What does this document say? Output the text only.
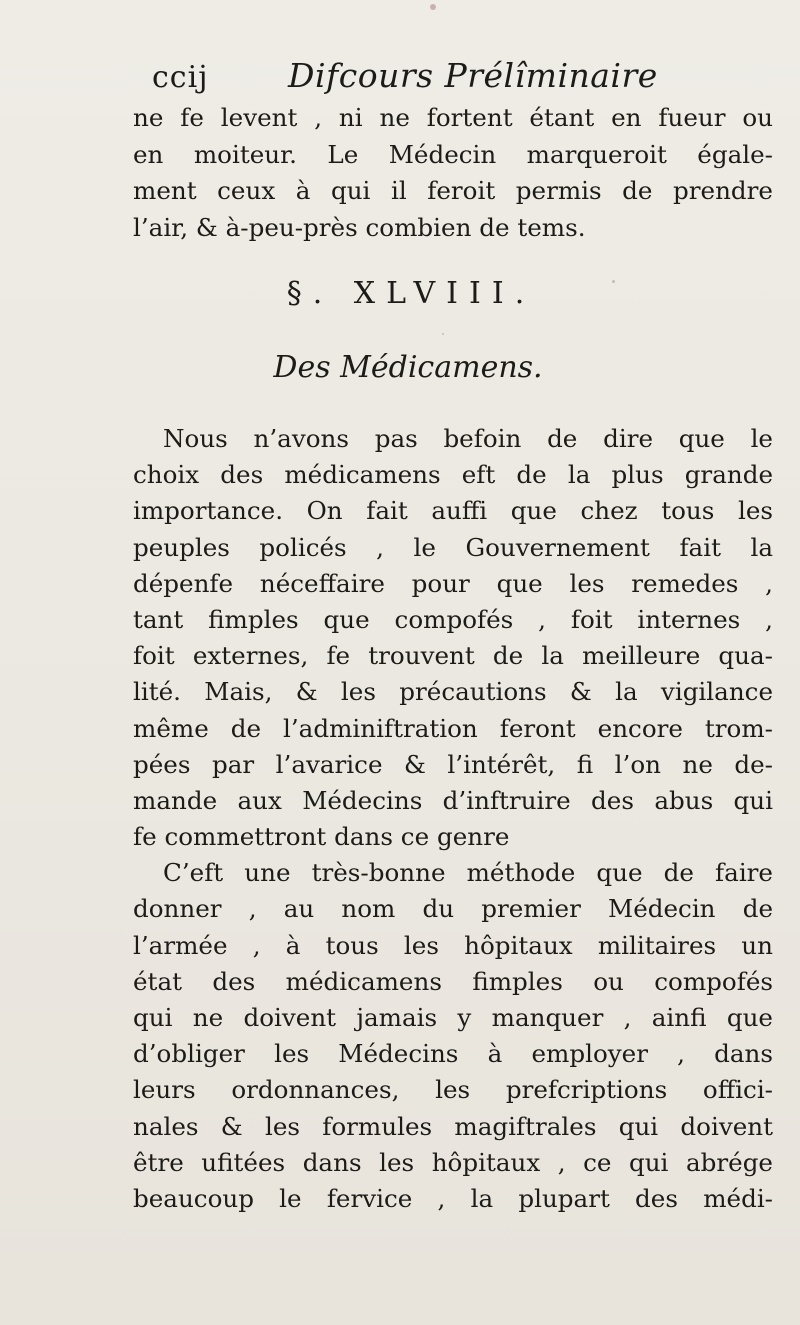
ccij Difcours Prélîminaire
ne fe levent , ni ne fortent étant en fueur ou
en moiteur. Le Médecin marqueroit égale-
ment ceux à qui il feroit permis de prendre
l’air, & à-peu-près combien de tems.
§. XLVIII.
Des Médicamens.
Nous n’avons pas befoin de dire que le
choix des médicamens eft de la plus grande
importance. On fait auffi que chez tous les
peuples policés , le Gouvernement fait la
dépenfe néceffaire pour que les remedes ,
tant fimples que compofés , foit internes ,
foit externes, fe trouvent de la meilleure qua-
lité. Mais, & les précautions & la vigilance
même de l’adminiftration feront encore trom-
pées par l’avarice & l’intérêt, fi l’on ne de-
mande aux Médecins d’inftruire des abus qui
fe commettront dans ce genre
C’eft une très-bonne méthode que de faire
donner , au nom du premier Médecin de
l’armée , à tous les hôpitaux militaires un
état des médicamens fimples ou compofés
qui ne doivent jamais y manquer , ainfi que
d’obliger les Médecins à employer , dans
leurs ordonnances, les prefcriptions offici-
nales & les formules magiftrales qui doivent
être ufitées dans les hôpitaux , ce qui abrége
beaucoup le fervice , la plupart des médi-
